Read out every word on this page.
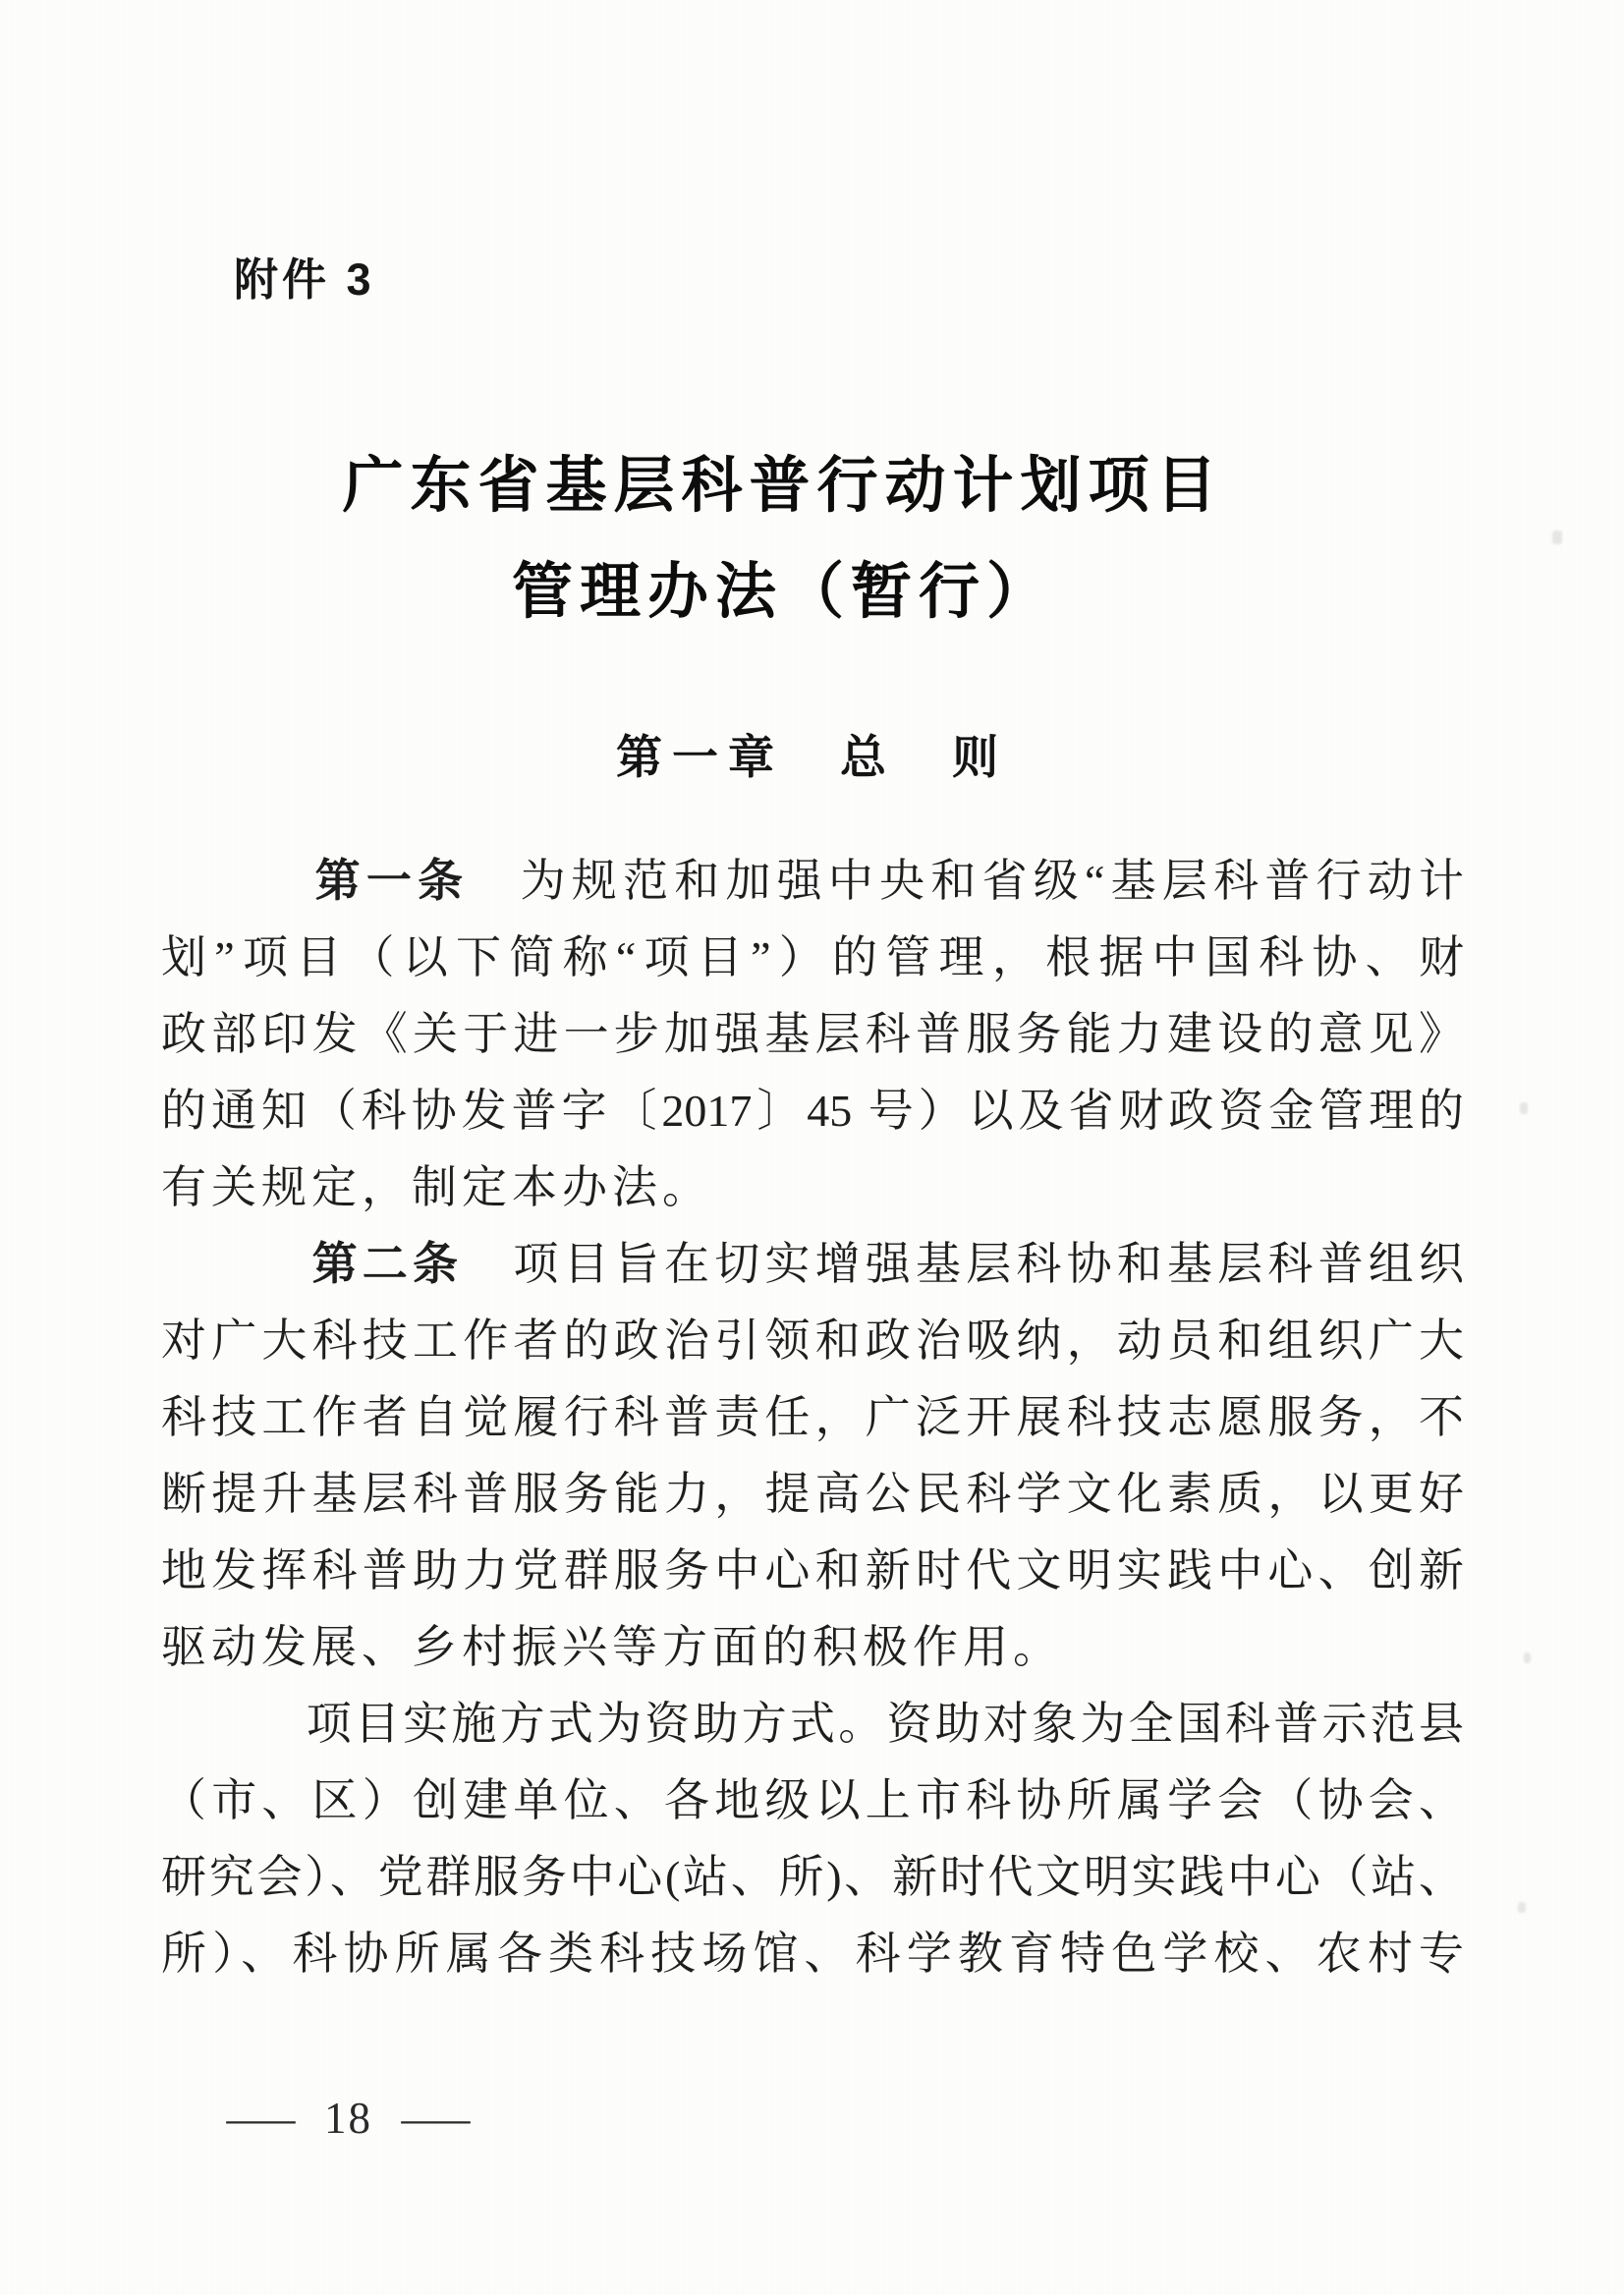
附件 3
广东省基层科普行动计划项目
管理办法（暂行）
第一章　总　则
　　　第一条　为规范和加强中央和省级“基层科普行动计
划”项目（以下简称“项目”）的管理，根据中国科协、财
政部印发《关于进一步加强基层科普服务能力建设的意见》
的通知（科协发普字〔2017〕45 号）以及省财政资金管理的
有关规定，制定本办法。
　　　第二条　项目旨在切实增强基层科协和基层科普组织
对广大科技工作者的政治引领和政治吸纳，动员和组织广大
科技工作者自觉履行科普责任，广泛开展科技志愿服务，不
断提升基层科普服务能力，提高公民科学文化素质，以更好
地发挥科普助力党群服务中心和新时代文明实践中心、创新
驱动发展、乡村振兴等方面的积极作用。
　　　项目实施方式为资助方式。资助对象为全国科普示范县
（市、区）创建单位、各地级以上市科协所属学会（协会、
研究会）、党群服务中心(站、所)、新时代文明实践中心（站、
所）、科协所属各类科技场馆、科学教育特色学校、农村专
— 18 —
